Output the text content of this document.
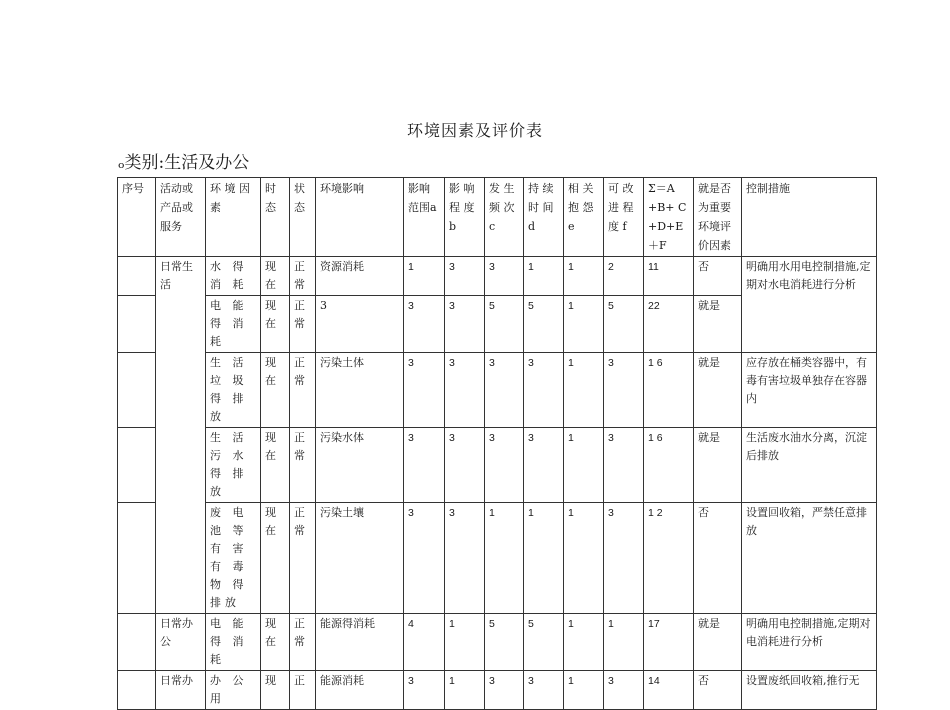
环境因素及评价表
ₒ类别:生活及办公
序号	活动或产品或服务	环 境 因 素	时 态	状 态	环境影响	影响范围a	影 响 程 度 b	发 生 频 次 c	持 续 时 间 d	相 关 抱 怨 e	可 改 进 程 度 f	Σ＝A +B+ C +D+E ＋F	就是否为重要环境评价因素	控制措施
	日常生活	水 得 消 耗	现在	正常	资源消耗	1	3	3	1	1	2	11	否	明确用水用电控制措施,定期对水电消耗进行分析
		电 能 得 消耗	现在	正常	3	3	3	5	5	1	5	22	就是	
		生 活 垃 圾 得 排 放	现在	正常	污染土体	3	3	3	3	1	3	1 6	就是	应存放在桶类容器中，有毒有害垃圾单独存在容器内
		生 活 污 水 得 排 放	现在	正常	污染水体	3	3	3	3	1	3	1 6	就是	生活废水油水分离，沉淀后排放
		废 电 池 等 有 害 有 毒 物 得排放	现在	正常	污染土壤	3	3	1	1	1	3	1 2	否	设置回收箱，严禁任意排放
	日常办公	电 能 得 消耗	现在	正常	能源得消耗	4	1	5	5	1	1	17	就是	明确用电控制措施,定期对电消耗进行分析
	日常办	办 公 用	现	正	能源消耗	3	1	3	3	1	3	14	否	设置废纸回收箱,推行无
